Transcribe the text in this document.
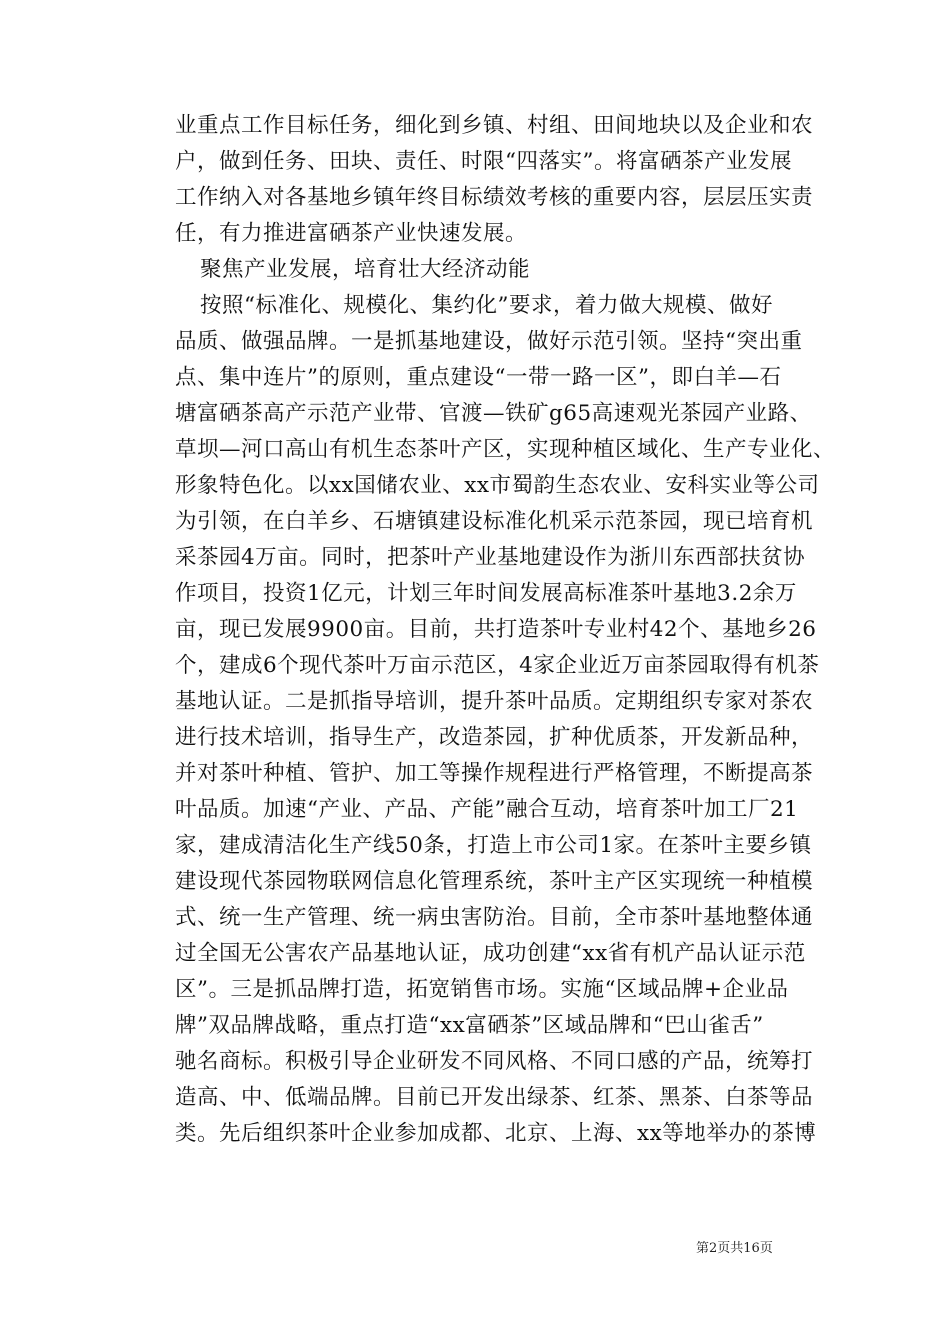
业重点工作目标任务，细化到乡镇、村组、田间地块以及企业和农
户，做到任务、田块、责任、时限“四落实”。将富硒茶产业发展
工作纳入对各基地乡镇年终目标绩效考核的重要内容，层层压实责
任，有力推进富硒茶产业快速发展。
聚焦产业发展，培育壮大经济动能
按照“标准化、规模化、集约化”要求，着力做大规模、做好
品质、做强品牌。一是抓基地建设，做好示范引领。坚持“突出重
点、集中连片”的原则，重点建设“一带一路一区”，即白羊—石
塘富硒茶高产示范产业带、官渡—铁矿g65高速观光茶园产业路、
草坝—河口高山有机生态茶叶产区，实现种植区域化、生产专业化、
形象特色化。以xx国储农业、xx市蜀韵生态农业、安科实业等公司
为引领，在白羊乡、石塘镇建设标准化机采示范茶园，现已培育机
采茶园4万亩。同时，把茶叶产业基地建设作为浙川东西部扶贫协
作项目，投资1亿元，计划三年时间发展高标准茶叶基地3.2余万
亩，现已发展9900亩。目前，共打造茶叶专业村42个、基地乡26
个，建成6个现代茶叶万亩示范区，4家企业近万亩茶园取得有机茶
基地认证。二是抓指导培训，提升茶叶品质。定期组织专家对茶农
进行技术培训，指导生产，改造茶园，扩种优质茶，开发新品种，
并对茶叶种植、管护、加工等操作规程进行严格管理，不断提高茶
叶品质。加速“产业、产品、产能”融合互动，培育茶叶加工厂21
家，建成清洁化生产线50条，打造上市公司1家。在茶叶主要乡镇
建设现代茶园物联网信息化管理系统，茶叶主产区实现统一种植模
式、统一生产管理、统一病虫害防治。目前，全市茶叶基地整体通
过全国无公害农产品基地认证，成功创建“xx省有机产品认证示范
区”。三是抓品牌打造，拓宽销售市场。实施“区域品牌+企业品
牌”双品牌战略，重点打造“xx富硒茶”区域品牌和“巴山雀舌”
驰名商标。积极引导企业研发不同风格、不同口感的产品，统筹打
造高、中、低端品牌。目前已开发出绿茶、红茶、黑茶、白茶等品
类。先后组织茶叶企业参加成都、北京、上海、xx等地举办的茶博
第2页共16页
